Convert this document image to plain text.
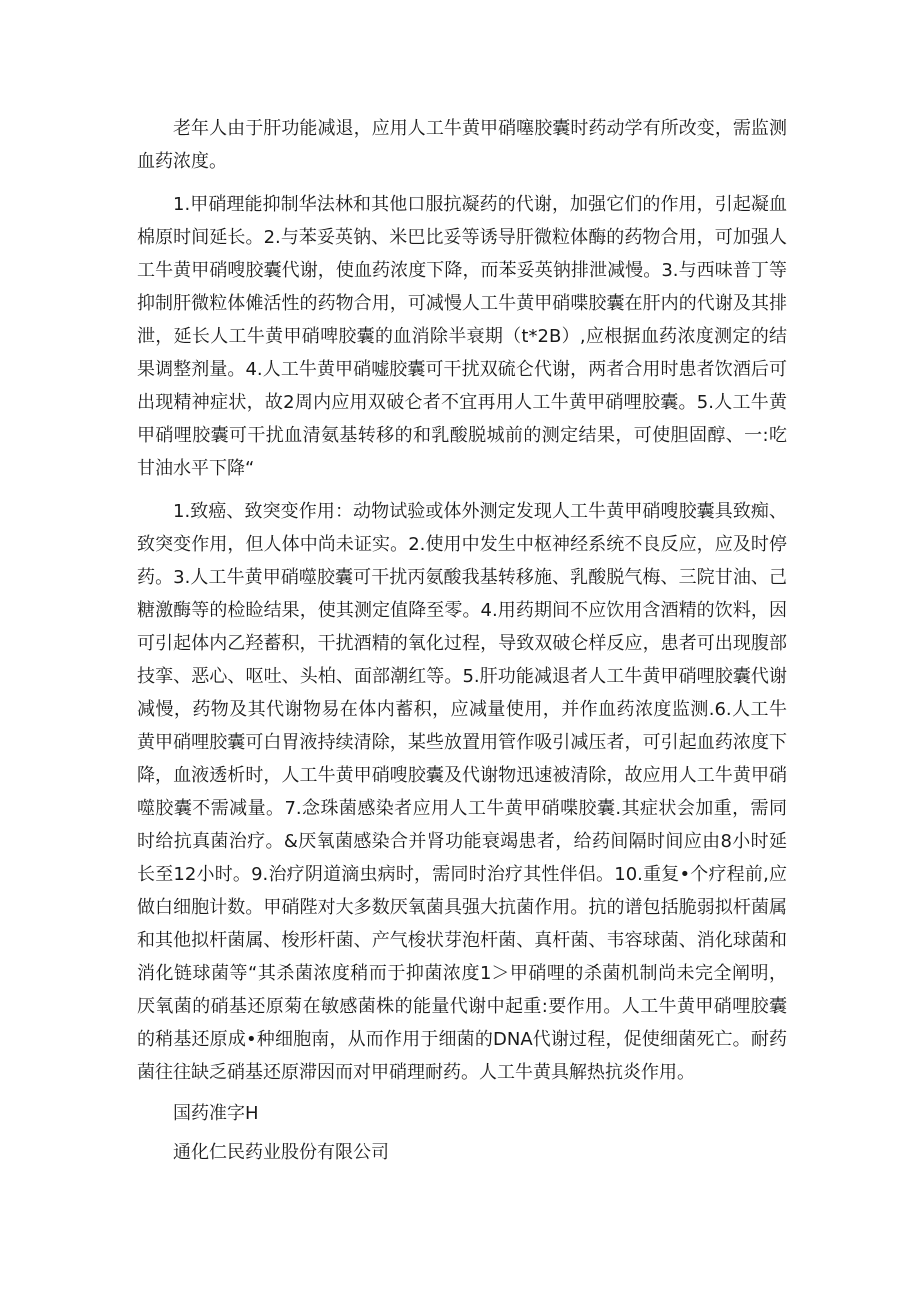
老年人由于肝功能减退，应用人工牛黄甲硝噻胶囊时药动学有所改变，需监测血药浓度。

1.甲硝理能抑制华法林和其他口服抗凝药的代谢，加强它们的作用，引起凝血棉原时间延长。2.与苯妥英钠、米巴比妥等诱导肝微粒体酶的药物合用，可加强人工牛黄甲硝嗖胶囊代谢，使血药浓度下降，而苯妥英钠排泄减慢。3.与西味普丁等抑制肝微粒体傩活性的药物合用，可减慢人工牛黄甲硝喋胶囊在肝内的代谢及其排泄，延长人工牛黄甲硝啤胶囊的血消除半衰期（t*2B）,应根据血药浓度测定的结果调整剂量。4.人工牛黄甲硝嘘胶囊可干扰双硫仑代谢，两者合用时患者饮酒后可出现精神症状，故2周内应用双破仑者不宜再用人工牛黄甲硝哩胶囊。5.人工牛黄甲硝哩胶囊可干扰血清氨基转移的和乳酸脱城前的测定结果，可使胆固醇、一:吃甘油水平下降“

1.致癌、致突变作用：动物试验或体外测定发现人工牛黄甲硝嗖胶囊具致痴、致突变作用，但人体中尚未证实。2.使用中发生中枢神经系统不良反应，应及时停药。3.人工牛黄甲硝噬胶囊可干扰丙氨酸我基转移施、乳酸脱气梅、三院甘油、己糖激酶等的检睑结果，使其测定值降至零。4.用药期间不应饮用含酒精的饮料，因可引起体内乙羟蓄积，干扰酒精的氧化过程，导致双破仑样反应，患者可出现腹部技挛、恶心、呕吐、头柏、面部潮红等。5.肝功能减退者人工牛黄甲硝哩胶囊代谢减慢，药物及其代谢物易在体内蓄积，应减量使用，并作血药浓度监测.6.人工牛黄甲硝哩胶囊可白胃液持续清除，某些放置用管作吸引减压者，可引起血药浓度下降，血液透析时，人工牛黄甲硝嗖胶囊及代谢物迅速被清除，故应用人工牛黄甲硝噬胶囊不需减量。7.念珠菌感染者应用人工牛黄甲硝喋胶囊.其症状会加重，需同时给抗真菌治疗。&厌氧菌感染合并肾功能衰竭患者，给药间隔时间应由8小时延长至12小时。9.治疗阴道滴虫病时，需同时治疗其性伴侣。10.重复•个疗程前,应做白细胞计数。甲硝陛对大多数厌氧菌具强大抗菌作用。抗的谱包括脆弱拟杆菌属和其他拟杆菌属、梭形杆菌、产气梭状芽泡杆菌、真杆菌、韦容球菌、消化球菌和消化链球菌等“其杀菌浓度稍而于抑菌浓度1＞甲硝哩的杀菌机制尚未完全阐明，厌氧菌的硝基还原菊在敏感菌株的能量代谢中起重:要作用。人工牛黄甲硝哩胶囊的稍基还原成•种细胞南，从而作用于细菌的DNA代谢过程，促使细菌死亡。耐药菌往往缺乏硝基还原滞因而对甲硝理耐药。人工牛黄具解热抗炎作用。

国药准字H

通化仁民药业股份有限公司
